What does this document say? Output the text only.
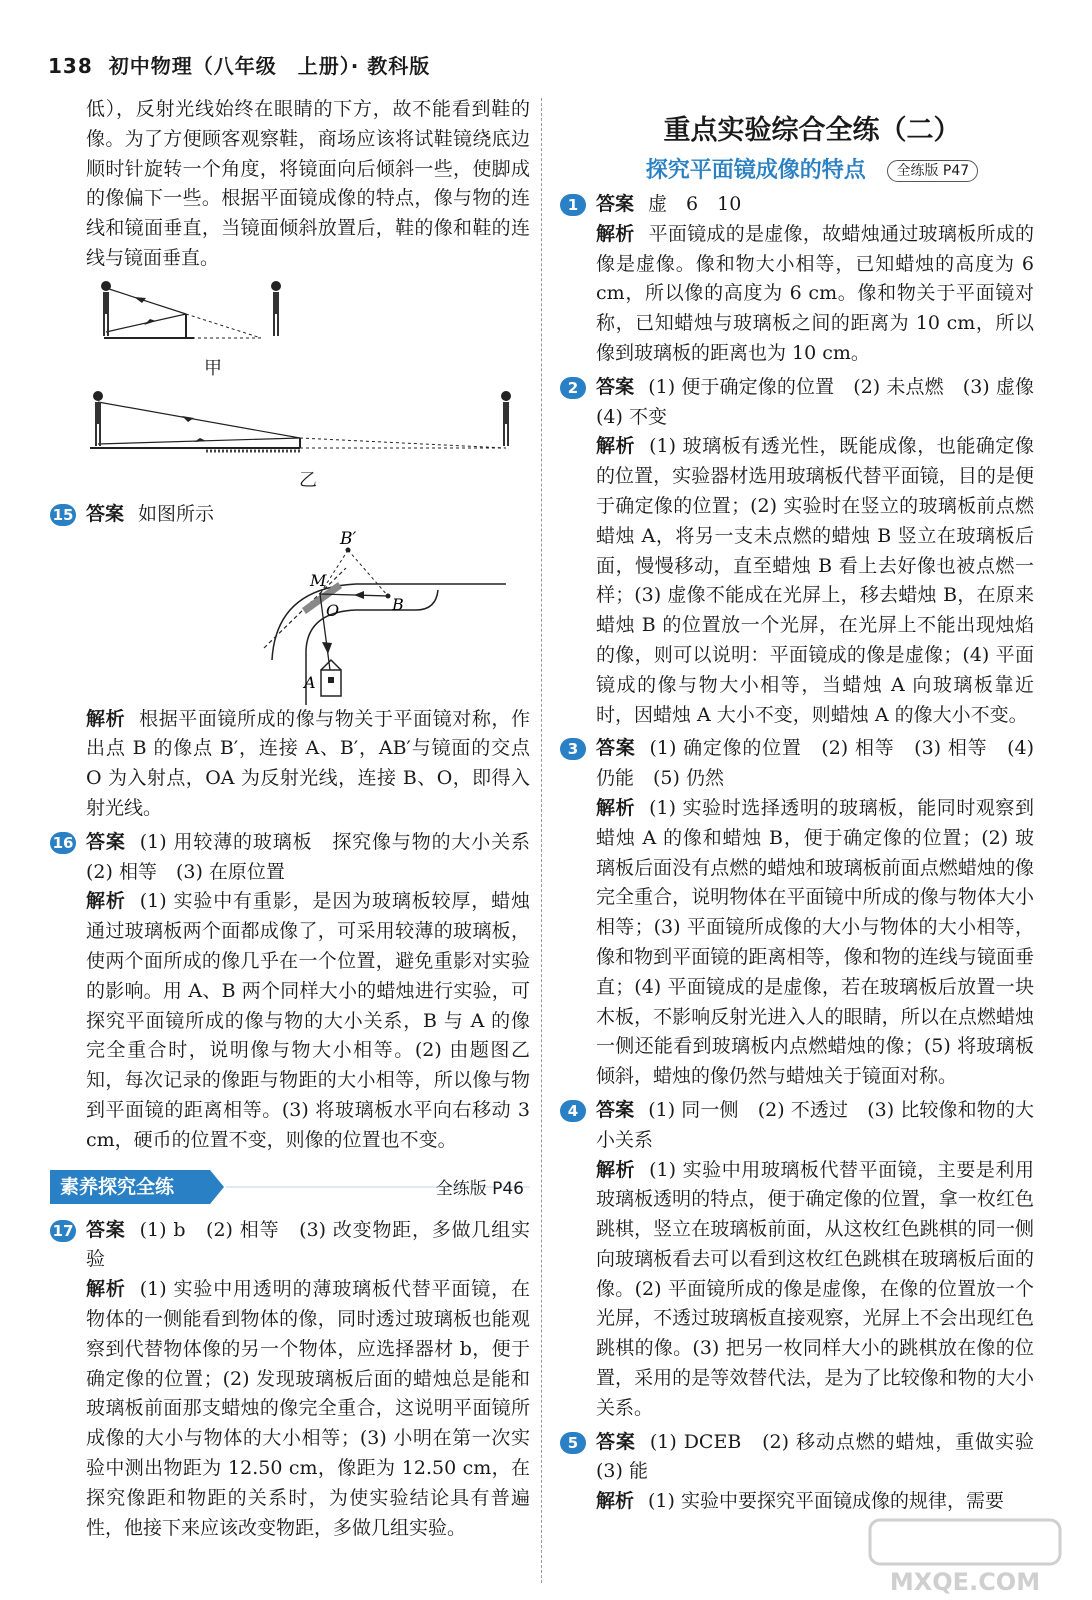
138 初中物理（八年级　上册）· 教科版

低），反射光线始终在眼睛的下方，故不能看到鞋的像。为了方便顾客观察鞋，商场应该将试鞋镜绕底边顺时针旋转一个角度，将镜面向后倾斜一些，使脚成的像偏下一些。根据平面镜成像的特点，像与物的连线和镜面垂直，当镜面倾斜放置后，鞋的像和鞋的连线与镜面垂直。

甲
乙
15 答案 如图所示
B′
M
O	B
A
解析 根据平面镜所成的像与物关于平面镜对称，作出点 B 的像点 B′，连接 A、B′，AB′与镜面的交点 O 为入射点，OA 为反射光线，连接 B、O，即得入射光线。
16 答案 (1) 用较薄的玻璃板　探究像与物的大小关系　(2) 相等　(3) 在原位置
解析 (1) 实验中有重影，是因为玻璃板较厚，蜡烛通过玻璃板两个面都成像了，可采用较薄的玻璃板，使两个面所成的像几乎在一个位置，避免重影对实验的影响。用 A、B 两个同样大小的蜡烛进行实验，可探究平面镜所成的像与物的大小关系，B 与 A 的像完全重合时，说明像与物大小相等。(2) 由题图乙知，每次记录的像距与物距的大小相等，所以像与物到平面镜的距离相等。(3) 将玻璃板水平向右移动 3 cm，硬币的位置不变，则像的位置也不变。
素养探究全练	全练版 P46
17 答案 (1) b　(2) 相等　(3) 改变物距，多做几组实验
解析 (1) 实验中用透明的薄玻璃板代替平面镜，在物体的一侧能看到物体的像，同时透过玻璃板也能观察到代替物体像的另一个物体，应选择器材 b，便于确定像的位置；(2) 发现玻璃板后面的蜡烛总是能和玻璃板前面那支蜡烛的像完全重合，这说明平面镜所成像的大小与物体的大小相等；(3) 小明在第一次实验中测出物距为 12.50 cm，像距为 12.50 cm，在探究像距和物距的关系时，为使实验结论具有普遍性，他接下来应该改变物距，多做几组实验。
重点实验综合全练（二）
探究平面镜成像的特点 全练版 P47
1 答案 虚　6　10
解析 平面镜成的是虚像，故蜡烛通过玻璃板所成的像是虚像。像和物大小相等，已知蜡烛的高度为 6 cm，所以像的高度为 6 cm。像和物关于平面镜对称，已知蜡烛与玻璃板之间的距离为 10 cm，所以像到玻璃板的距离也为 10 cm。
2 答案 (1) 便于确定像的位置　(2) 未点燃　(3) 虚像　(4) 不变
解析 (1) 玻璃板有透光性，既能成像，也能确定像的位置，实验器材选用玻璃板代替平面镜，目的是便于确定像的位置；(2) 实验时在竖立的玻璃板前点燃蜡烛 A，将另一支未点燃的蜡烛 B 竖立在玻璃板后面，慢慢移动，直至蜡烛 B 看上去好像也被点燃一样；(3) 虚像不能成在光屏上，移去蜡烛 B，在原来蜡烛 B 的位置放一个光屏，在光屏上不能出现烛焰的像，则可以说明：平面镜成的像是虚像；(4) 平面镜成的像与物大小相等，当蜡烛 A 向玻璃板靠近时，因蜡烛 A 大小不变，则蜡烛 A 的像大小不变。
3 答案 (1) 确定像的位置　(2) 相等　(3) 相等　(4) 仍能　(5) 仍然
解析 (1) 实验时选择透明的玻璃板，能同时观察到蜡烛 A 的像和蜡烛 B，便于确定像的位置；(2) 玻璃板后面没有点燃的蜡烛和玻璃板前面点燃蜡烛的像完全重合，说明物体在平面镜中所成的像与物体大小相等；(3) 平面镜所成像的大小与物体的大小相等，像和物到平面镜的距离相等，像和物的连线与镜面垂直；(4) 平面镜成的是虚像，若在玻璃板后放置一块木板，不影响反射光进入人的眼睛，所以在点燃蜡烛一侧还能看到玻璃板内点燃蜡烛的像；(5) 将玻璃板倾斜，蜡烛的像仍然与蜡烛关于镜面对称。
4 答案 (1) 同一侧　(2) 不透过　(3) 比较像和物的大小关系
解析 (1) 实验中用玻璃板代替平面镜，主要是利用玻璃板透明的特点，便于确定像的位置，拿一枚红色跳棋，竖立在玻璃板前面，从这枚红色跳棋的同一侧向玻璃板看去可以看到这枚红色跳棋在玻璃板后面的像。(2) 平面镜所成的像是虚像，在像的位置放一个光屏，不透过玻璃板直接观察，光屏上不会出现红色跳棋的像。(3) 把另一枚同样大小的跳棋放在像的位置，采用的是等效替代法，是为了比较像和物的大小关系。
5 答案 (1) DCEB　(2) 移动点燃的蜡烛，重做实验　(3) 能
解析 (1) 实验中要探究平面镜成像的规律，需要
MXQE.COM
